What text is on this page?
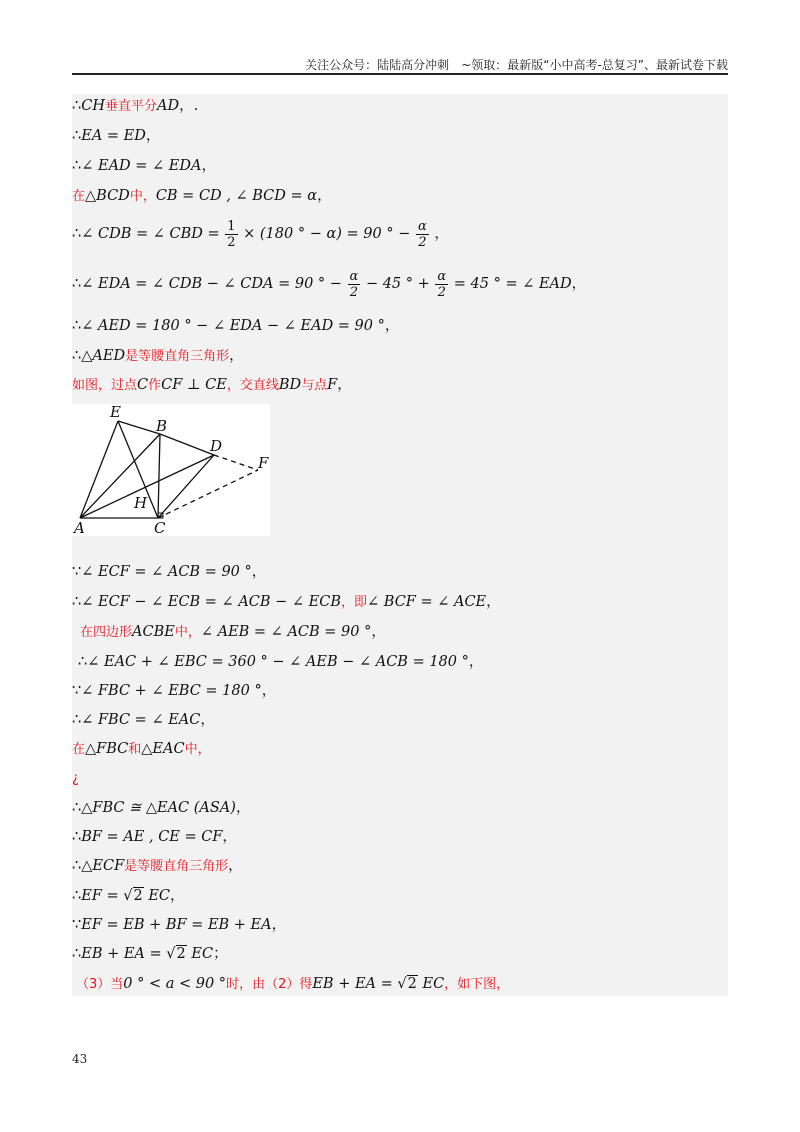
关注公众号：陆陆高分冲刺　~领取：最新版“小中高考-总复习”、最新试卷下载
∴CH垂直平分AD，.
∴EA = ED，
∴∠ EAD = ∠ EDA，
在△BCD中，CB = CD , ∠ BCD = α，
∴∠ CDB = ∠ CBD = $\frac{1}{2} \times (180$ ° − α) = 90 ° − $\frac{\alpha}{2}$ ，
∴∠ EDA = ∠ CDB − ∠ CDA = 90 ° − $\frac{\alpha}{2} - 45$ ° + $\frac{\alpha}{2} = 45$ ° = ∠ EAD，
∴∠ AED = 180 ° − ∠ EDA − ∠ EAD = 90 °，
∴△AED是等腰直角三角形，
如图，过点C作CF ⊥ CE，交直线BD与点F，
E
B
D
F
H
A	C
∵∠ ECF = ∠ ACB = 90 °，
∴∠ ECF − ∠ ECB = ∠ ACB − ∠ ECB，即∠ BCF = ∠ ACE，
在四边形ACBE中，∠ AEB = ∠ ACB = 90 °，
∴∠ EAC + ∠ EBC = 360 ° − ∠ AEB − ∠ ACB = 180 °，
∵∠ FBC + ∠ EBC = 180 °，
∴∠ FBC = ∠ EAC，
在△FBC和△EAC中，
¿
∴△FBC ≅ △EAC (ASA)，
∴BF = AE , CE = CF，
∴△ECF是等腰直角三角形，
∴EF = √2 EC，
∵EF = EB + BF = EB + EA，
∴EB + EA = √2 EC；
（3）当0 ° < a < 90 °时，由（2）得EB + EA = √2 EC，如下图，
43
